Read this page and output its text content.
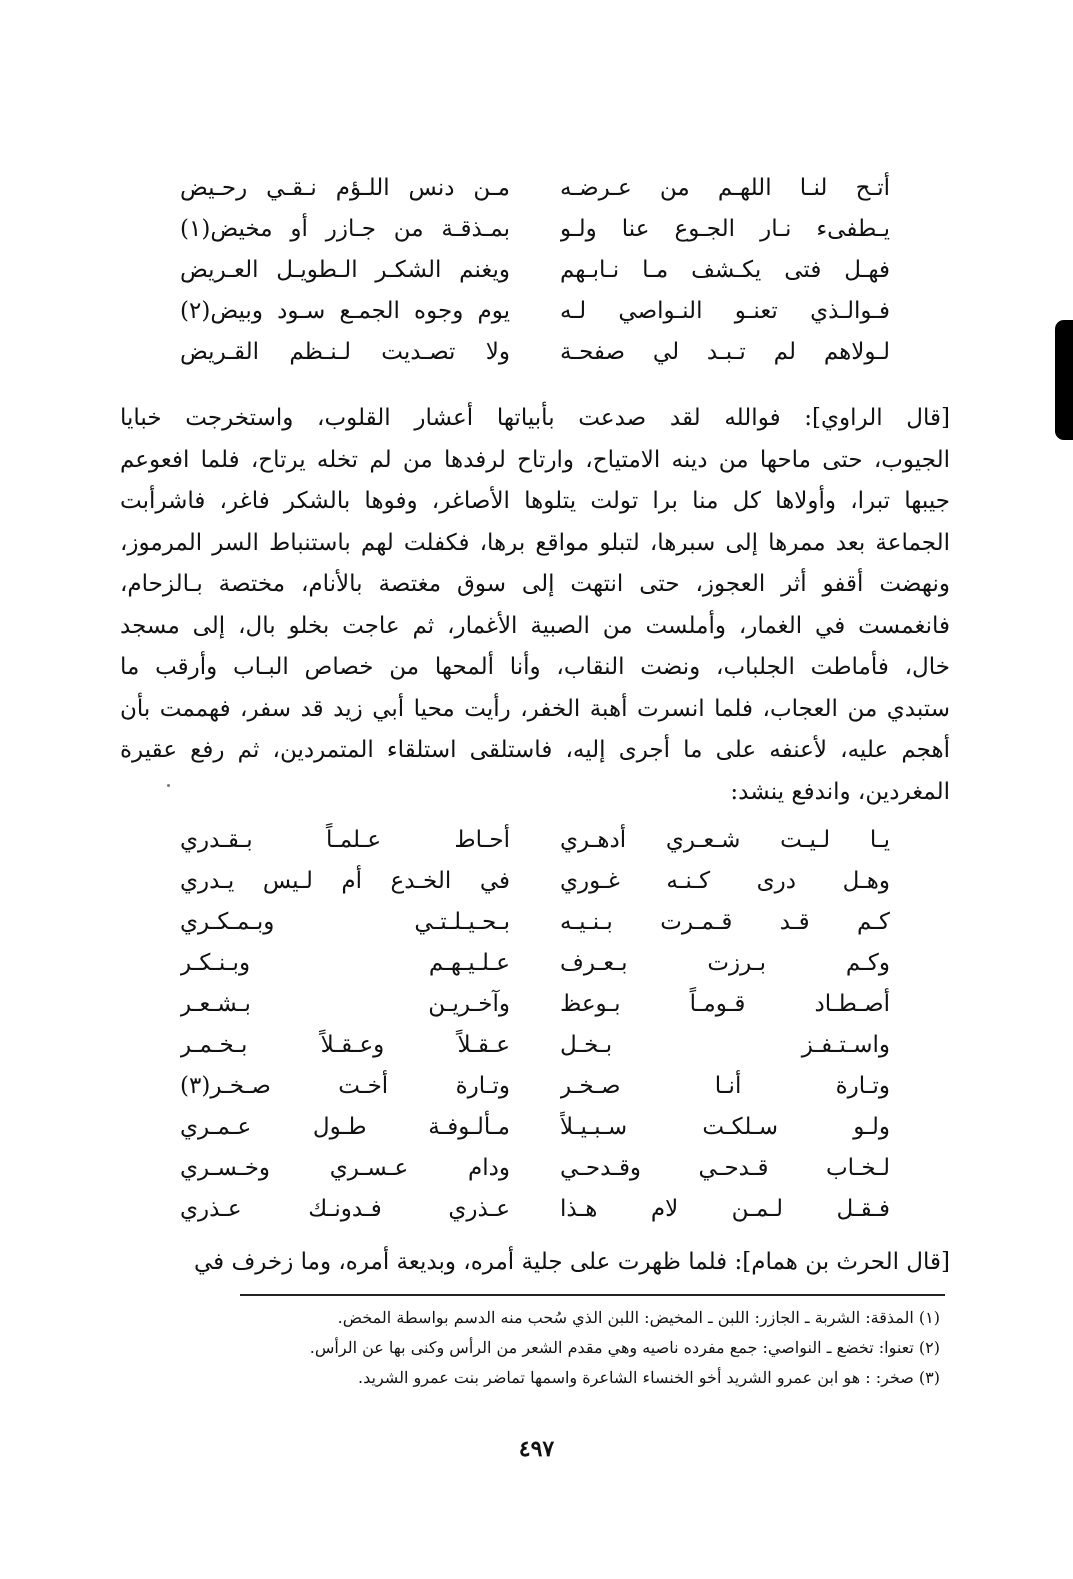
أتـح لنـا اللهـم من عـرضـه
مـن دنس اللـؤم نـقـي رحـيض
يـطفىء نـار الجـوع عنا ولـو
بمـذقـة من جـازر أو مخيض(١)
فهـل فتى يكـشف مـا نـابـهم
ويغنم الشكـر الـطويـل العـريض
فـوالـذي تعنـو النـواصي لـه
يوم وجوه الجمـع سـود وبيض(٢)
لـولاهم لم تـبـد لي صفحـة
ولا تصـديت لـنـظم القـريض
[قال الراوي]: فوالله لقد صدعت بأبياتها أعشار القلوب، واستخرجت خبايا
الجيوب، حتى ماحها من دينه الامتياح، وارتاح لرفدها من لم تخله يرتاح، فلما افعوعم
جيبها تبرا، وأولاها كل منا برا تولت يتلوها الأصاغر، وفوها بالشكر فاغر، فاشرأبت
الجماعة بعد ممرها إلى سبرها، لتبلو مواقع برها، فكفلت لهم باستنباط السر المرموز،
ونهضت أقفو أثر العجوز، حتى انتهت إلى سوق مغتصة بالأنام، مختصة بـالزحام،
فانغمست في الغمار، وأملست من الصبية الأغمار، ثم عاجت بخلو بال، إلى مسجد
خال، فأماطت الجلباب، ونضت النقاب، وأنا ألمحها من خصاص البـاب وأرقب ما
ستبدي من العجاب، فلما انسرت أهبة الخفر، رأيت محيا أبي زيد قد سفر، فهممت بأن
أهجم عليه، لأعنفه على ما أجرى إليه، فاستلقى استلقاء المتمردين، ثم رفع عقيرة
المغردين، واندفع ينشد:
يـا لـيـت شـعـري أدهـري
أحـاط عـلمـاً بـقـدري
وهـل درى كـنـه غـوري
في الخـدع أم لـيس يـدري
كـم قـد قـمـرت بـنـيـه
بـحـيـلـتـي وبـمـكـري
وكـم بـرزت بـعـرف
عـلـيـهـم وبـنـكـر
أصـطـاد قـومـاً بـوعظ
وآخـريـن بـشـعـر
واسـتـفـز بـخـل
عـقـلاً وعـقـلاً بـخـمـر
وتـارة أنـا صـخـر
وتـارة أخـت صـخـر(٣)
ولـو سـلكـت سـبـيـلاً
مـألـوفـة طـول عـمـري
لـخـاب قـدحـي وقـدحـي
ودام عـسـري وخـسـري
فـقـل لـمـن لام هـذا
عـذري فـدونـك عـذري

[قال الحرث بن همام]: فلما ظهرت على جلية أمره، وبديعة أمره، وما زخرف في

(١) المذقة: الشربة ـ الجازر: اللبن ـ المخيض: اللبن الذي سُحب منه الدسم بواسطة المخض.
(٢) تعنوا: تخضع ـ النواصي: جمع مفرده ناصيه وهي مقدم الشعر من الرأس وكنى بها عن الرأس.
(٣) صخر: : هو ابن عمرو الشريد أخو الخنساء الشاعرة واسمها تماضر بنت عمرو الشريد.
٤٩٧
